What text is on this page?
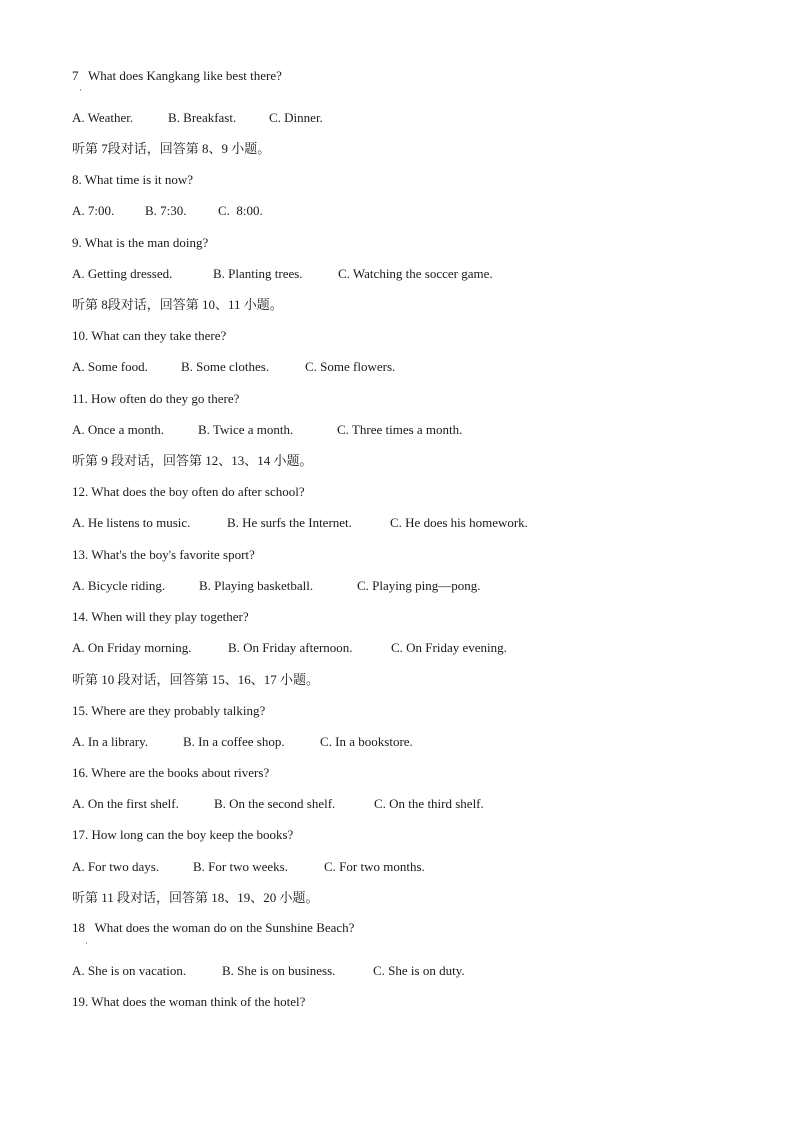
7   What does Kangkang like best there?
·
A. Weather.	B. Breakfast.	C. Dinner.
听第 7段对话，回答第 8、9 小题。
8. What time is it now?
A. 7:00.	B. 7:30.	C.  8:00.
9. What is the man doing?
A. Getting dressed.	B. Planting trees.	C. Watching the soccer game.
听第 8段对话，回答第 10、11 小题。
10. What can they take there?
A. Some food.	B. Some clothes.	C. Some flowers.
11. How often do they go there?
A. Once a month.	B. Twice a month.	C. Three times a month.
听第 9 段对话，回答第 12、13、14 小题。
12. What does the boy often do after school?
A. He listens to music.	B. He surfs the Internet.	C. He does his homework.
13. What's the boy's favorite sport?
A. Bicycle riding.	B. Playing basketball.	C. Playing ping—pong.
14. When will they play together?
A. On Friday morning.	B. On Friday afternoon.	C. On Friday evening.
听第 10 段对话，回答第 15、16、17 小题。
15. Where are they probably talking?
A. In a library.	B. In a coffee shop.	C. In a bookstore.
16. Where are the books about rivers?
A. On the first shelf.	B. On the second shelf.	C. On the third shelf.
17. How long can the boy keep the books?
A. For two days.	B. For two weeks.	C. For two months.
听第 11 段对话，回答第 18、19、20 小题。
18   What does the woman do on the Sunshine Beach?
·
A. She is on vacation.	B. She is on business.	C. She is on duty.
19. What does the woman think of the hotel?
